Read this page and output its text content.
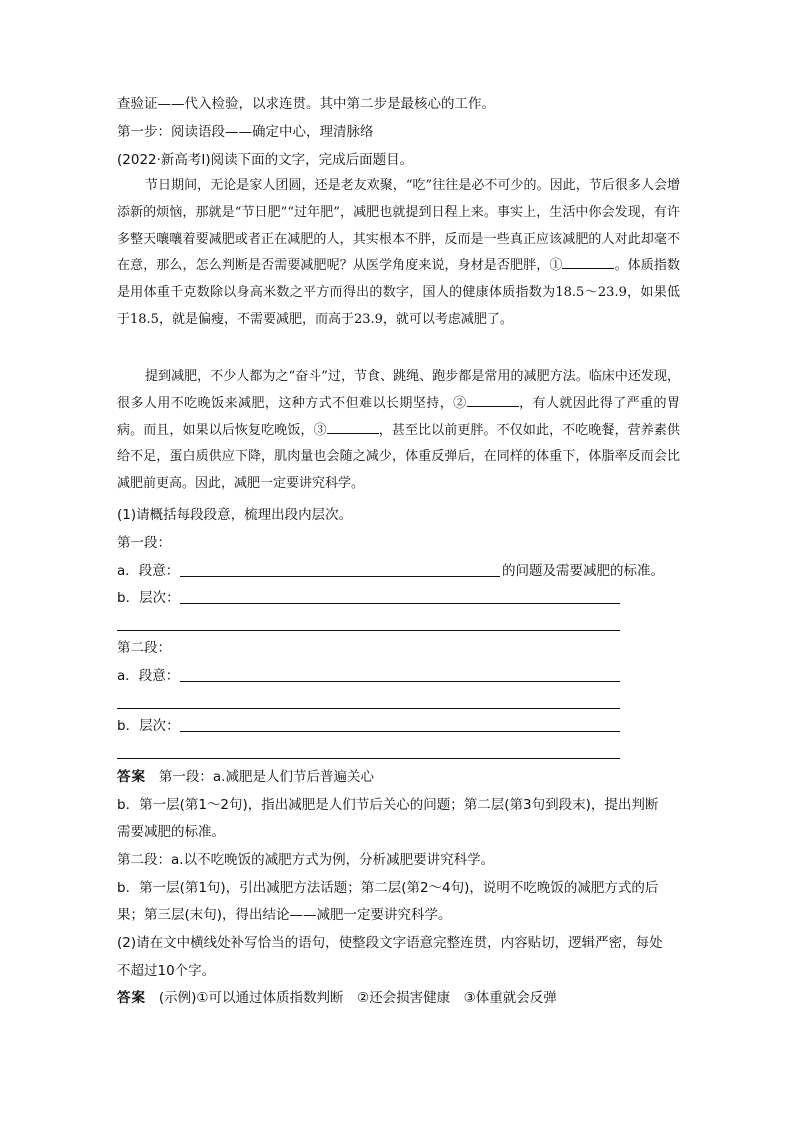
查验证——代入检验，以求连贯。其中第二步是最核心的工作。
第一步：阅读语段——确定中心，理清脉络
(2022·新高考Ⅰ)阅读下面的文字，完成后面题目。

节日期间，无论是家人团圆，还是老友欢聚，“吃”往往是必不可少的。因此，节后很多人会增添新的烦恼，那就是“节日肥”“过年肥”，减肥也就提到日程上来。事实上，生活中你会发现，有许多整天嚷嚷着要减肥或者正在减肥的人，其实根本不胖，反而是一些真正应该减肥的人对此却毫不在意，那么，怎么判断是否需要减肥呢？从医学角度来说，身材是否肥胖，①	。体质指数是用体重千克数除以身高米数之平方而得出的数字，国人的健康体质指数为18.5～23.9，如果低于18.5，就是偏瘦，不需要减肥，而高于23.9，就可以考虑减肥了。

提到减肥，不少人都为之“奋斗”过，节食、跳绳、跑步都是常用的减肥方法。临床中还发现，很多人用不吃晚饭来减肥，这种方式不但难以长期坚持，②	，有人就因此得了严重的胃病。而且，如果以后恢复吃晚饭，③	，甚至比以前更胖。不仅如此，不吃晚餐，营养素供给不足，蛋白质供应下降，肌肉量也会随之减少，体重反弹后，在同样的体重下，体脂率反而会比减肥前更高。因此，减肥一定要讲究科学。

(1)请概括每段段意，梳理出段内层次。
第一段：
a．段意：	的问题及需要减肥的标准。
b．层次：
第二段：
a．段意：
b．层次：
答案 第一段：a.减肥是人们节后普遍关心
b．第一层(第1～2句)，指出减肥是人们节后关心的问题；第二层(第3句到段末)，提出判断
需要减肥的标准。
第二段：a.以不吃晚饭的减肥方式为例，分析减肥要讲究科学。
b．第一层(第1句)，引出减肥方法话题；第二层(第2～4句)，说明不吃晚饭的减肥方式的后
果；第三层(末句)，得出结论——减肥一定要讲究科学。
(2)请在文中横线处补写恰当的语句，使整段文字语意完整连贯，内容贴切，逻辑严密，每处
不超过10个字。
答案 (示例)①可以通过体质指数判断　②还会损害健康　③体重就会反弹
